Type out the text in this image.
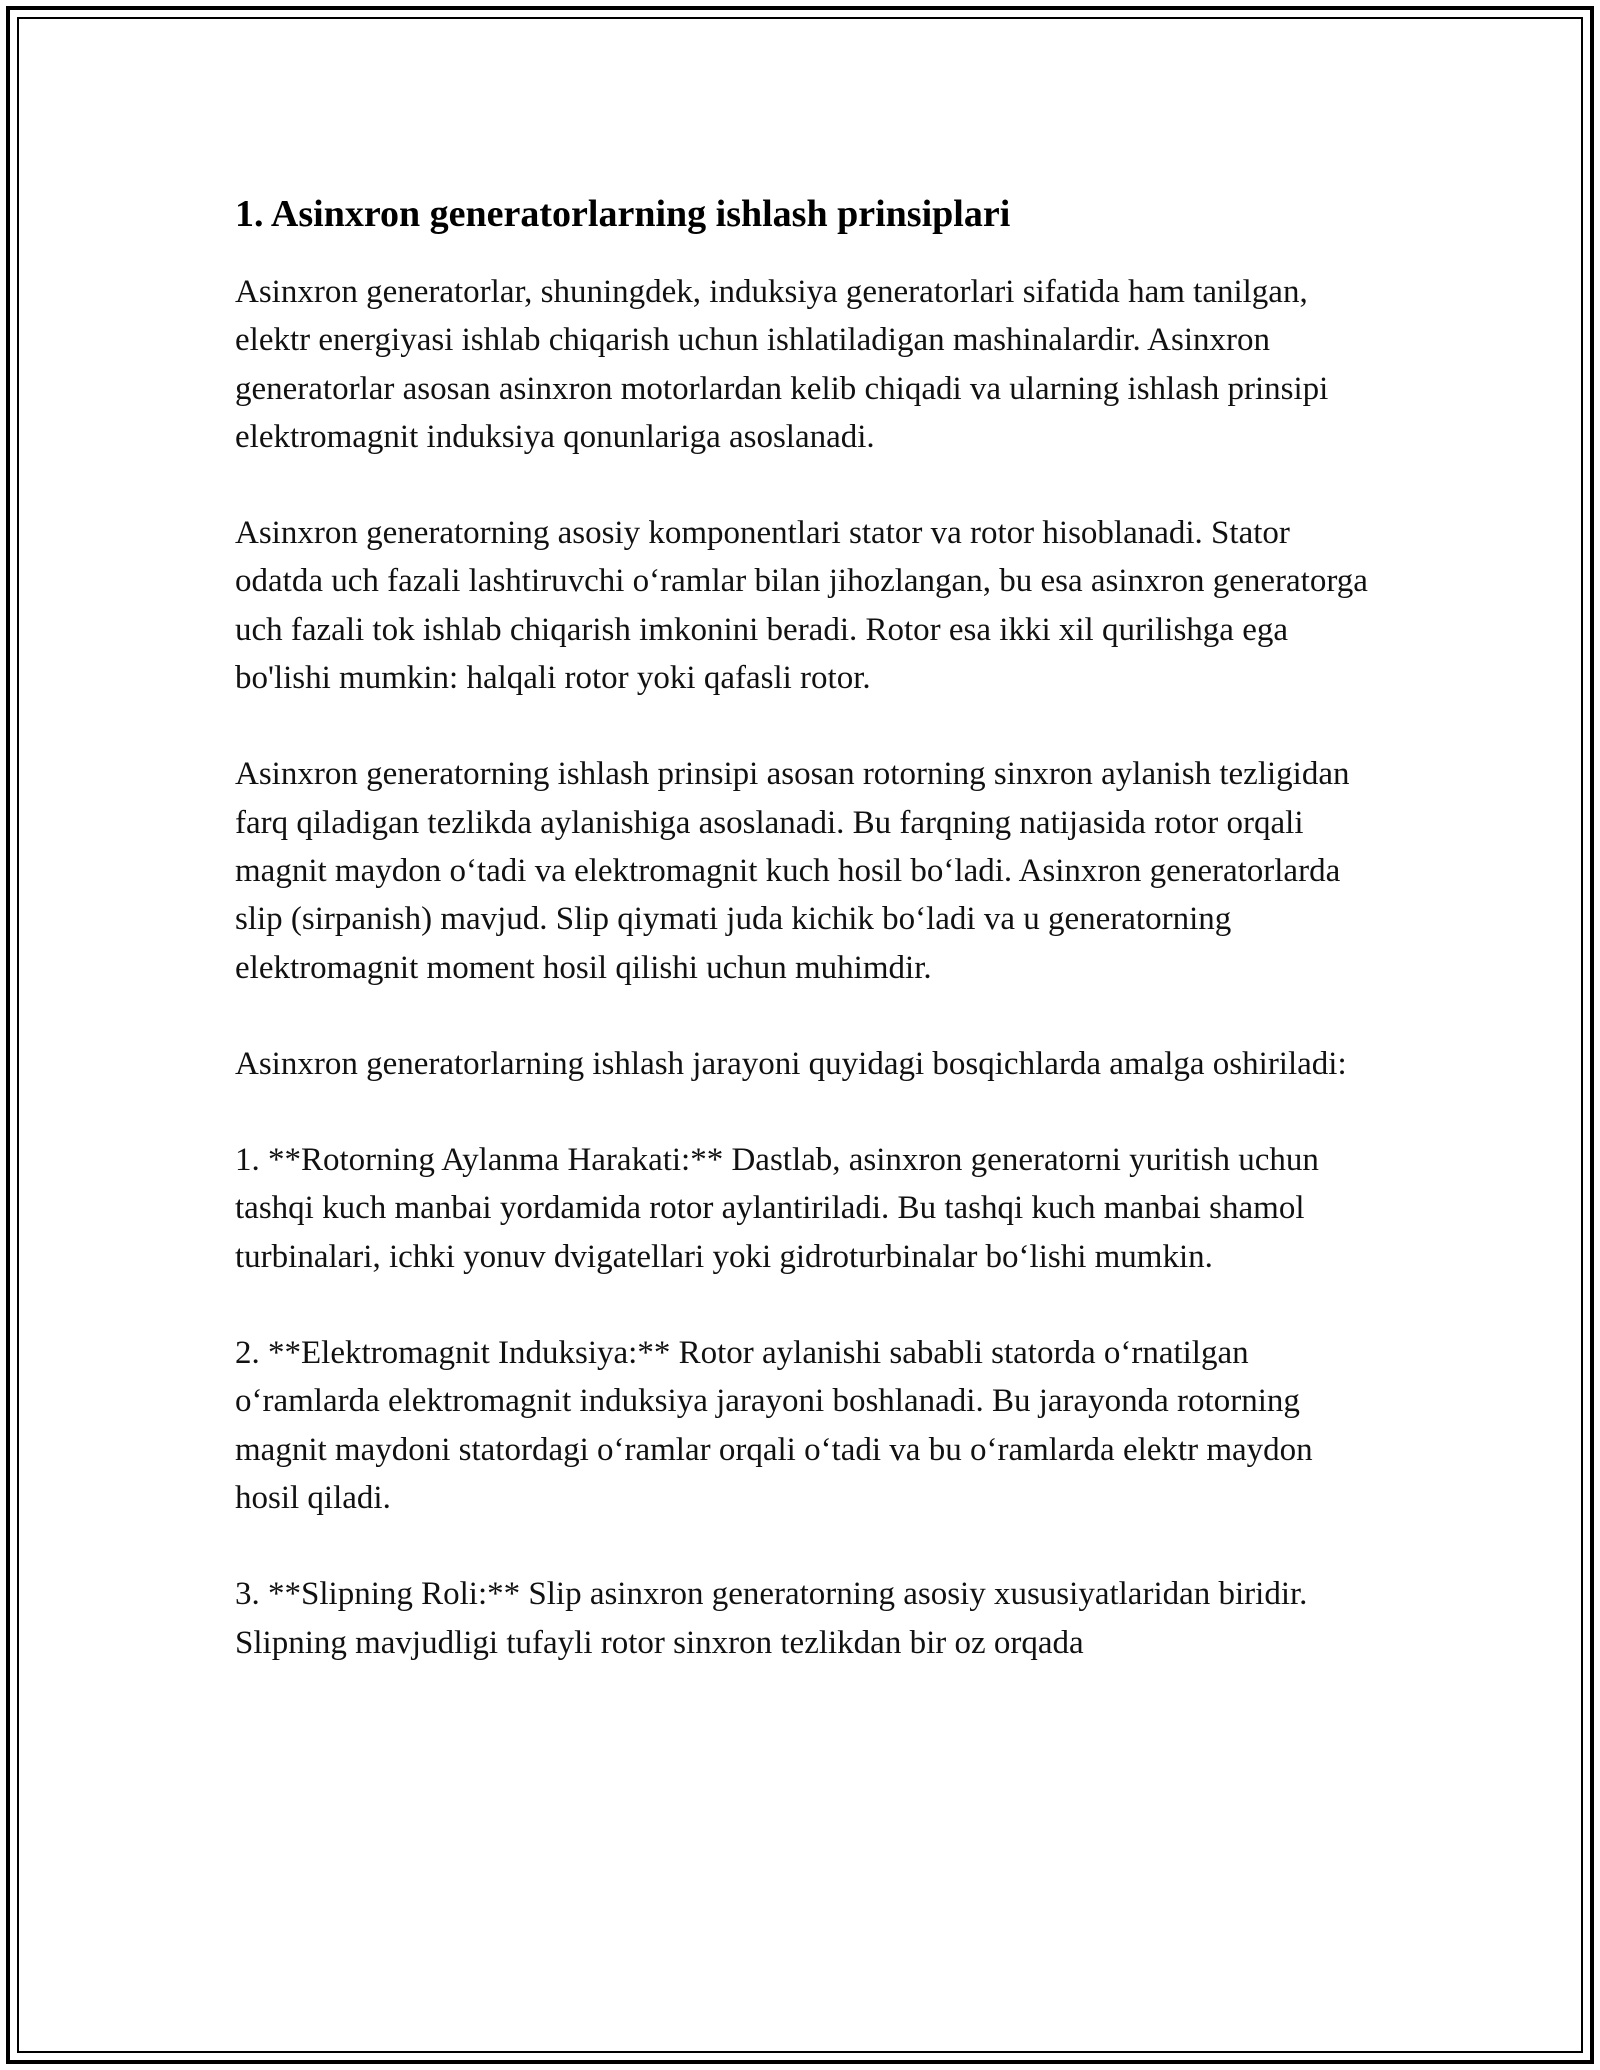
1. Asinxron generatorlarning ishlash prinsiplari

Asinxron generatorlar, shuningdek, induksiya generatorlari sifatida ham tanilgan, elektr energiyasi ishlab chiqarish uchun ishlatiladigan mashinalardir. Asinxron generatorlar asosan asinxron motorlardan kelib chiqadi va ularning ishlash prinsipi elektromagnit induksiya qonunlariga asoslanadi.

Asinxron generatorning asosiy komponentlari stator va rotor hisoblanadi. Stator odatda uch fazali lashtiruvchi o‘ramlar bilan jihozlangan, bu esa asinxron generatorga uch fazali tok ishlab chiqarish imkonini beradi. Rotor esa ikki xil qurilishga ega bo'lishi mumkin: halqali rotor yoki qafasli rotor.

Asinxron generatorning ishlash prinsipi asosan rotorning sinxron aylanish tezligidan farq qiladigan tezlikda aylanishiga asoslanadi. Bu farqning natijasida rotor orqali magnit maydon o‘tadi va elektromagnit kuch hosil bo‘ladi. Asinxron generatorlarda slip (sirpanish) mavjud. Slip qiymati juda kichik bo‘ladi va u generatorning elektromagnit moment hosil qilishi uchun muhimdir.

Asinxron generatorlarning ishlash jarayoni quyidagi bosqichlarda amalga oshiriladi:

1. **Rotorning Aylanma Harakati:** Dastlab, asinxron generatorni yuritish uchun tashqi kuch manbai yordamida rotor aylantiriladi. Bu tashqi kuch manbai shamol turbinalari, ichki yonuv dvigatellari yoki gidroturbinalar bo‘lishi mumkin.

2. **Elektromagnit Induksiya:** Rotor aylanishi sababli statorda o‘rnatilgan o‘ramlarda elektromagnit induksiya jarayoni boshlanadi. Bu jarayonda rotorning magnit maydoni statordagi o‘ramlar orqali o‘tadi va bu o‘ramlarda elektr maydon hosil qiladi.

3. **Slipning Roli:** Slip asinxron generatorning asosiy xususiyatlaridan biridir. Slipning mavjudligi tufayli rotor sinxron tezlikdan bir oz orqada
